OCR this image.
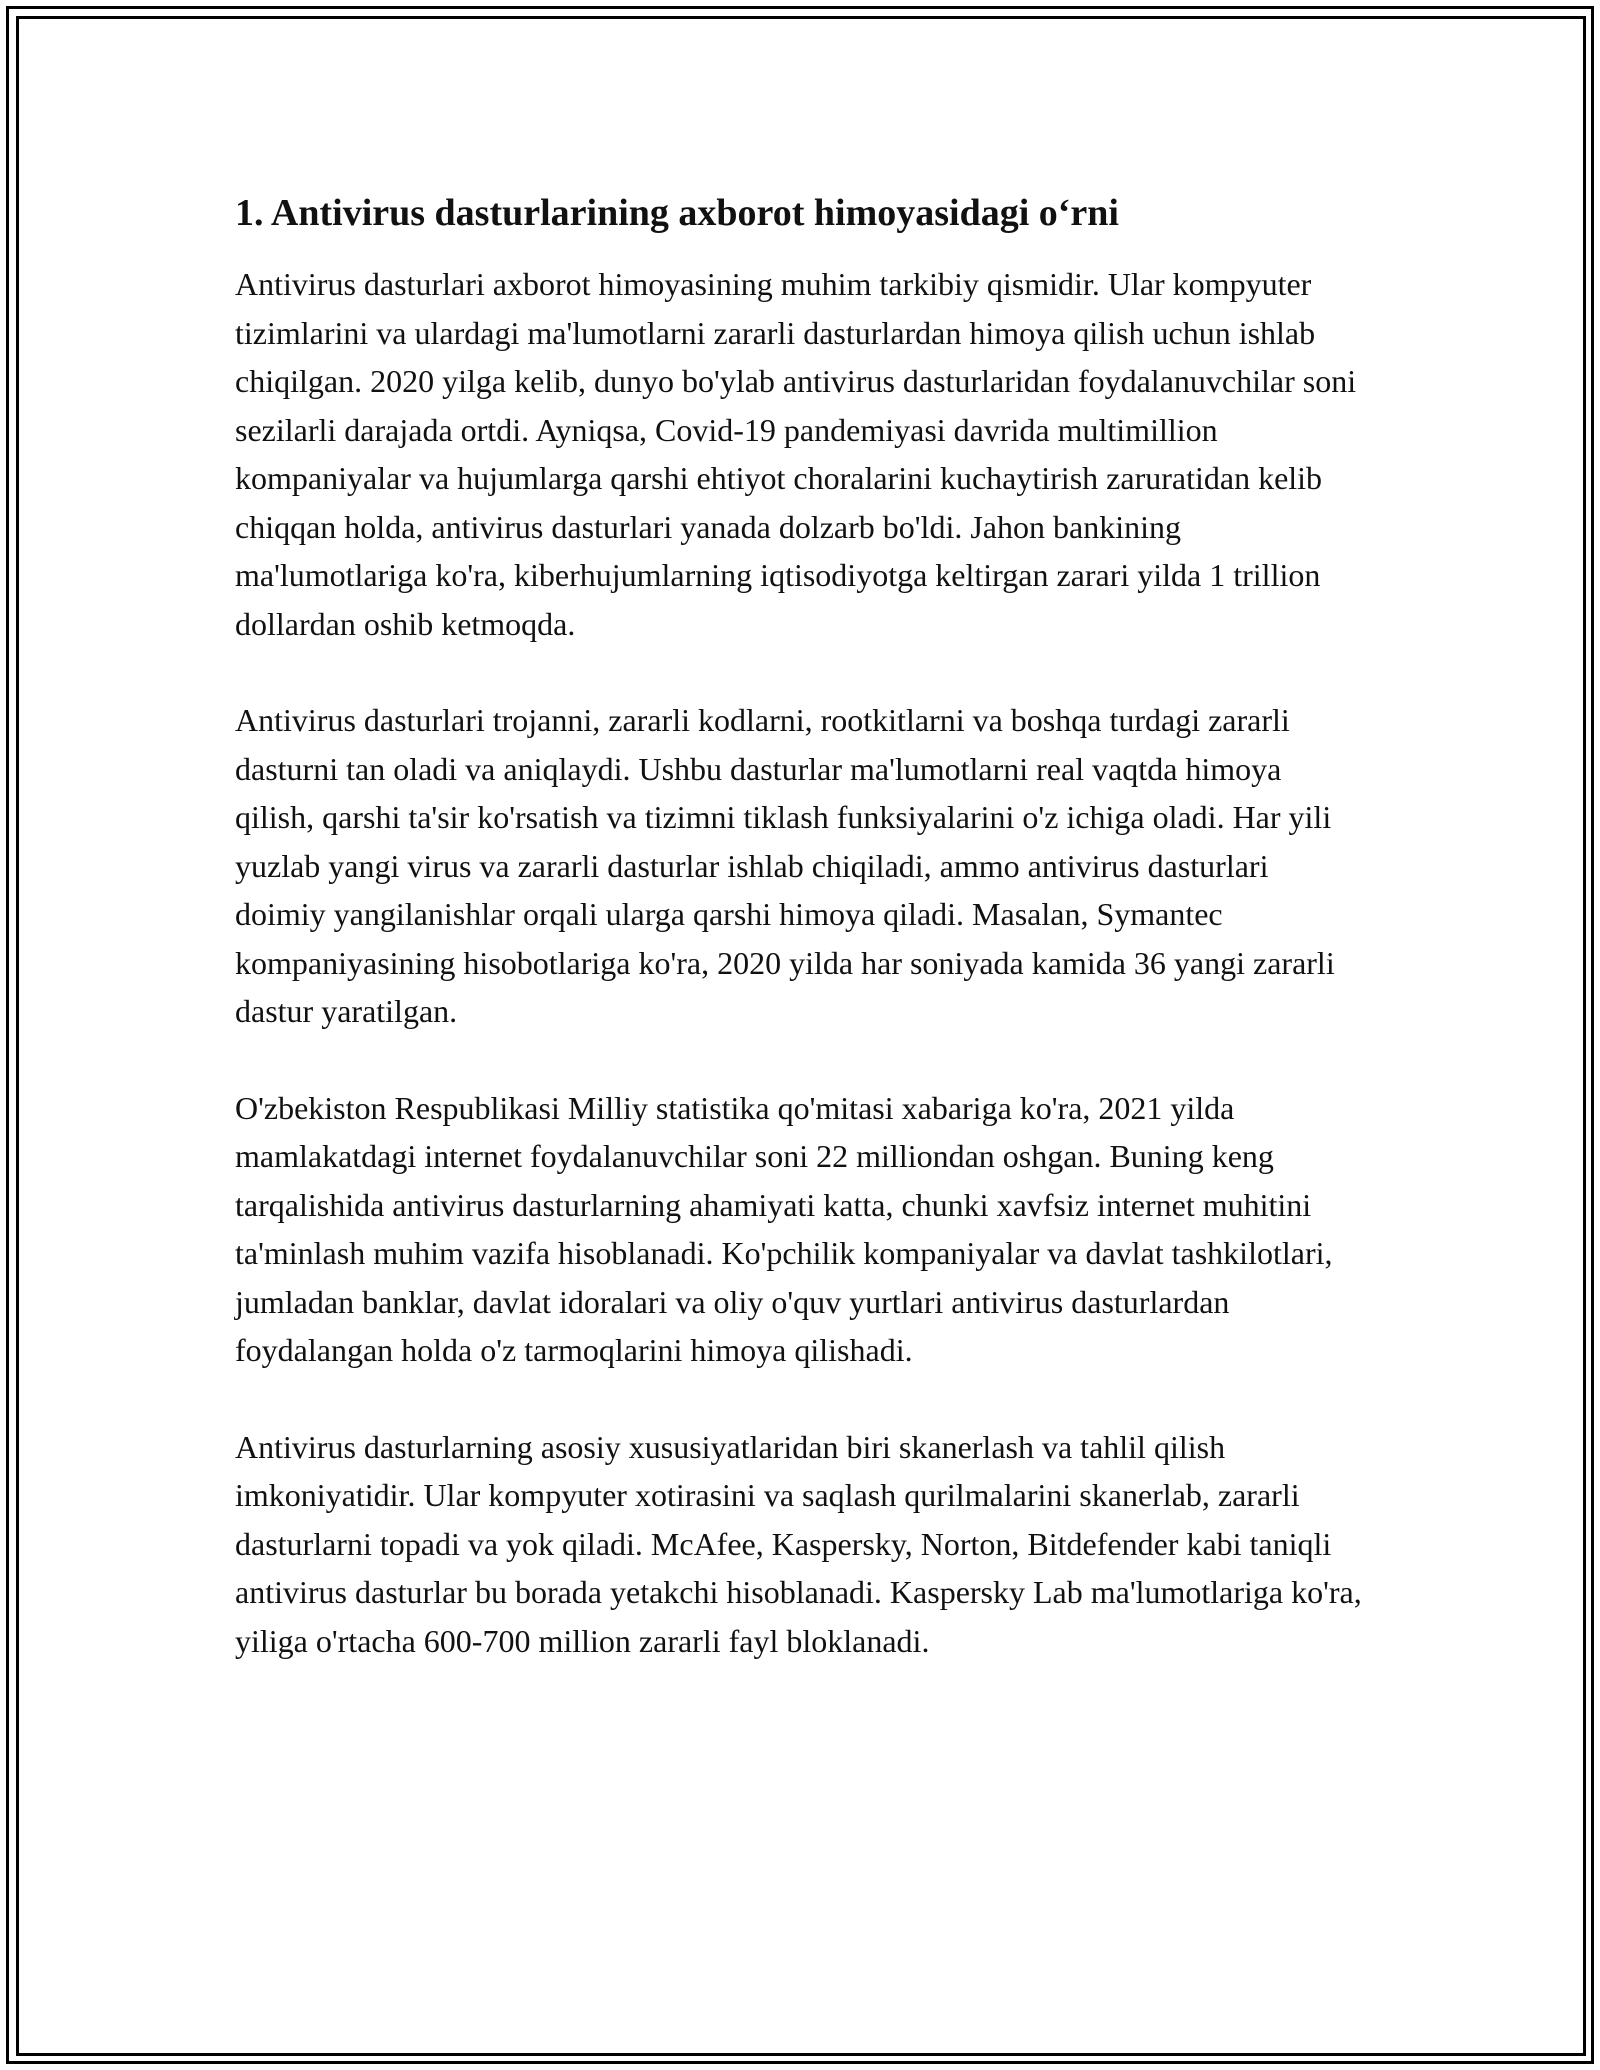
1. Antivirus dasturlarining axborot himoyasidagi o‘rni

Antivirus dasturlari axborot himoyasining muhim tarkibiy qismidir. Ular kompyuter tizimlarini va ulardagi ma'lumotlarni zararli dasturlardan himoya qilish uchun ishlab chiqilgan. 2020 yilga kelib, dunyo bo'ylab antivirus dasturlaridan foydalanuvchilar soni sezilarli darajada ortdi. Ayniqsa, Covid-19 pandemiyasi davrida multimillion kompaniyalar va hujumlarga qarshi ehtiyot choralarini kuchaytirish zaruratidan kelib chiqqan holda, antivirus dasturlari yanada dolzarb bo'ldi. Jahon bankining ma'lumotlariga ko'ra, kiberhujumlarning iqtisodiyotga keltirgan zarari yilda 1 trillion dollardan oshib ketmoqda.

Antivirus dasturlari trojanni, zararli kodlarni, rootkitlarni va boshqa turdagi zararli dasturni tan oladi va aniqlaydi. Ushbu dasturlar ma'lumotlarni real vaqtda himoya qilish, qarshi ta'sir ko'rsatish va tizimni tiklash funksiyalarini o'z ichiga oladi. Har yili yuzlab yangi virus va zararli dasturlar ishlab chiqiladi, ammo antivirus dasturlari doimiy yangilanishlar orqali ularga qarshi himoya qiladi. Masalan, Symantec kompaniyasining hisobotlariga ko'ra, 2020 yilda har soniyada kamida 36 yangi zararli dastur yaratilgan.

O'zbekiston Respublikasi Milliy statistika qo'mitasi xabariga ko'ra, 2021 yilda mamlakatdagi internet foydalanuvchilar soni 22 milliondan oshgan. Buning keng tarqalishida antivirus dasturlarning ahamiyati katta, chunki xavfsiz internet muhitini ta'minlash muhim vazifa hisoblanadi. Ko'pchilik kompaniyalar va davlat tashkilotlari, jumladan banklar, davlat idoralari va oliy o'quv yurtlari antivirus dasturlardan foydalangan holda o'z tarmoqlarini himoya qilishadi.

Antivirus dasturlarning asosiy xususiyatlaridan biri skanerlash va tahlil qilish imkoniyatidir. Ular kompyuter xotirasini va saqlash qurilmalarini skanerlab, zararli dasturlarni topadi va yok qiladi. McAfee, Kaspersky, Norton, Bitdefender kabi taniqli antivirus dasturlar bu borada yetakchi hisoblanadi. Kaspersky Lab ma'lumotlariga ko'ra, yiliga o'rtacha 600-700 million zararli fayl bloklanadi.
